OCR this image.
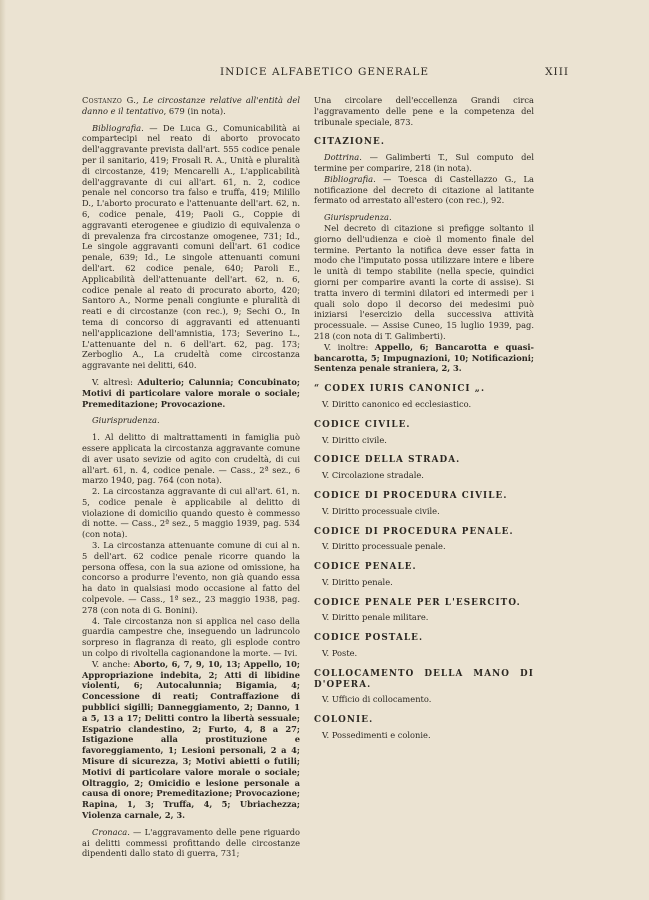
INDICE ALFABETICO GENERALE	XIII

Costanzo G., Le circostanze relative all'entità del danno e il tentativo, 679 (in nota).

Bibliografia. — De Luca G., Comunicabilità ai compartecipi nel reato di aborto provocato dell'aggravante prevista dall'art. 555 codice penale per il sanitario, 419; Frosali R. A., Unità e pluralità di circostanze, 419; Mencarelli A., L'applicabilità dell'aggravante di cui all'art. 61, n. 2, codice penale nel concorso tra falso e truffa, 419; Milillo D., L'aborto procurato e l'attenuante dell'art. 62, n. 6, codice penale, 419; Paoli G., Coppie di aggravanti eterogenee e giudizio di equivalenza o di prevalenza fra circostanze omogenee, 731; Id., Le singole aggravanti comuni dell'art. 61 codice penale, 639; Id., Le singole attenuanti comuni dell'art. 62 codice penale, 640; Paroli E., Applicabilità dell'attenuante dell'art. 62, n. 6, codice penale al reato di procurato aborto, 420; Santoro A., Norme penali congiunte e pluralità di reati e di circostanze (con rec.), 9; Sechi O., In tema di concorso di aggravanti ed attenuanti nell'applicazione dell'amnistia, 173; Severino L., L'attenuante del n. 6 dell'art. 62, pag. 173; Zerboglio A., La crudeltà come circostanza aggravante nei delitti, 640.

V. altresì: Adulterio; Calunnia; Concubinato; Motivi di particolare valore morale o sociale; Premeditazione; Provocazione.

Giurisprudenza.

1. Al delitto di maltrattamenti in famiglia può essere applicata la circostanza aggravante comune di aver usato sevizie od agito con crudeltà, di cui all'art. 61, n. 4, codice penale. — Cass., 2ª sez., 6 marzo 1940, pag. 764 (con nota).

2. La circostanza aggravante di cui all'art. 61, n. 5, codice penale è applicabile al delitto di violazione di domicilio quando questo è commesso di notte. — Cass., 2ª sez., 5 maggio 1939, pag. 534 (con nota).

3. La circostanza attenuante comune di cui al n. 5 dell'art. 62 codice penale ricorre quando la persona offesa, con la sua azione od omissione, ha concorso a produrre l'evento, non già quando essa ha dato in qualsiasi modo occasione al fatto del colpevole. — Cass., 1ª sez., 23 maggio 1938, pag. 278 (con nota di G. Bonini).

4. Tale circostanza non si applica nel caso della guardia campestre che, inseguendo un ladruncolo sorpreso in flagranza di reato, gli esplode contro un colpo di rivoltella cagionandone la morte. — Ivi.

V. anche: Aborto, 6, 7, 9, 10, 13; Appello, 10; Appropriazione indebita, 2; Atti di libidine violenti, 6; Autocalunnia; Bigamia, 4; Concessione di reati; Contraffazione di pubblici sigilli; Danneggiamento, 2; Danno, 1 a 5, 13 a 17; Delitti contro la libertà sessuale; Espatrio clandestino, 2; Furto, 4, 8 a 27; Istigazione alla prostituzione e favoreggiamento, 1; Lesioni personali, 2 a 4; Misure di sicurezza, 3; Motivi abietti o futili; Motivi di particolare valore morale o sociale; Oltraggio, 2; Omicidio e lesione personale a causa di onore; Premeditazione; Provocazione; Rapina, 1, 3; Truffa, 4, 5; Ubriachezza; Violenza carnale, 2, 3.

Cronaca. — L'aggravamento delle pene riguardo ai delitti commessi profittando delle circostanze dipendenti dallo stato di guerra, 731;

Una circolare dell'eccellenza Grandi circa l'aggravamento delle pene e la competenza del tribunale speciale, 873.

CITAZIONE.

Dottrina. — Galimberti T., Sul computo del termine per comparire, 218 (in nota).

Bibliografia. — Toesca di Castellazzo G., La notificazione del decreto di citazione al latitante fermato od arrestato all'estero (con rec.), 92.

Giurisprudenza.

Nel decreto di citazione si prefigge soltanto il giorno dell'udienza e cioè il momento finale del termine. Pertanto la notifica deve esser fatta in modo che l'imputato possa utilizzare intere e libere le unità di tempo stabilite (nella specie, quindici giorni per comparire avanti la corte di assise). Si tratta invero di termini dilatori ed intermedi per i quali solo dopo il decorso dei medesimi può iniziarsi l'esercizio della successiva attività processuale. — Assise Cuneo, 15 luglio 1939, pag. 218 (con nota di T. Galimberti).

V. inoltre: Appello, 6; Bancarotta e quasi-bancarotta, 5; Impugnazioni, 10; Notificazioni; Sentenza penale straniera, 2, 3.

“ CODEX IURIS CANONICI „.

V. Diritto canonico ed ecclesiastico.

CODICE CIVILE.

V. Diritto civile.

CODICE DELLA STRADA.

V. Circolazione stradale.

CODICE DI PROCEDURA CIVILE.

V. Diritto processuale civile.

CODICE DI PROCEDURA PENALE.

V. Diritto processuale penale.

CODICE PENALE.

V. Diritto penale.

CODICE PENALE PER L'ESERCITO.

V. Diritto penale militare.

CODICE POSTALE.

V. Poste.

COLLOCAMENTO DELLA MANO DI D'OPERA.

V. Ufficio di collocamento.

COLONIE.

V. Possedimenti e colonie.
